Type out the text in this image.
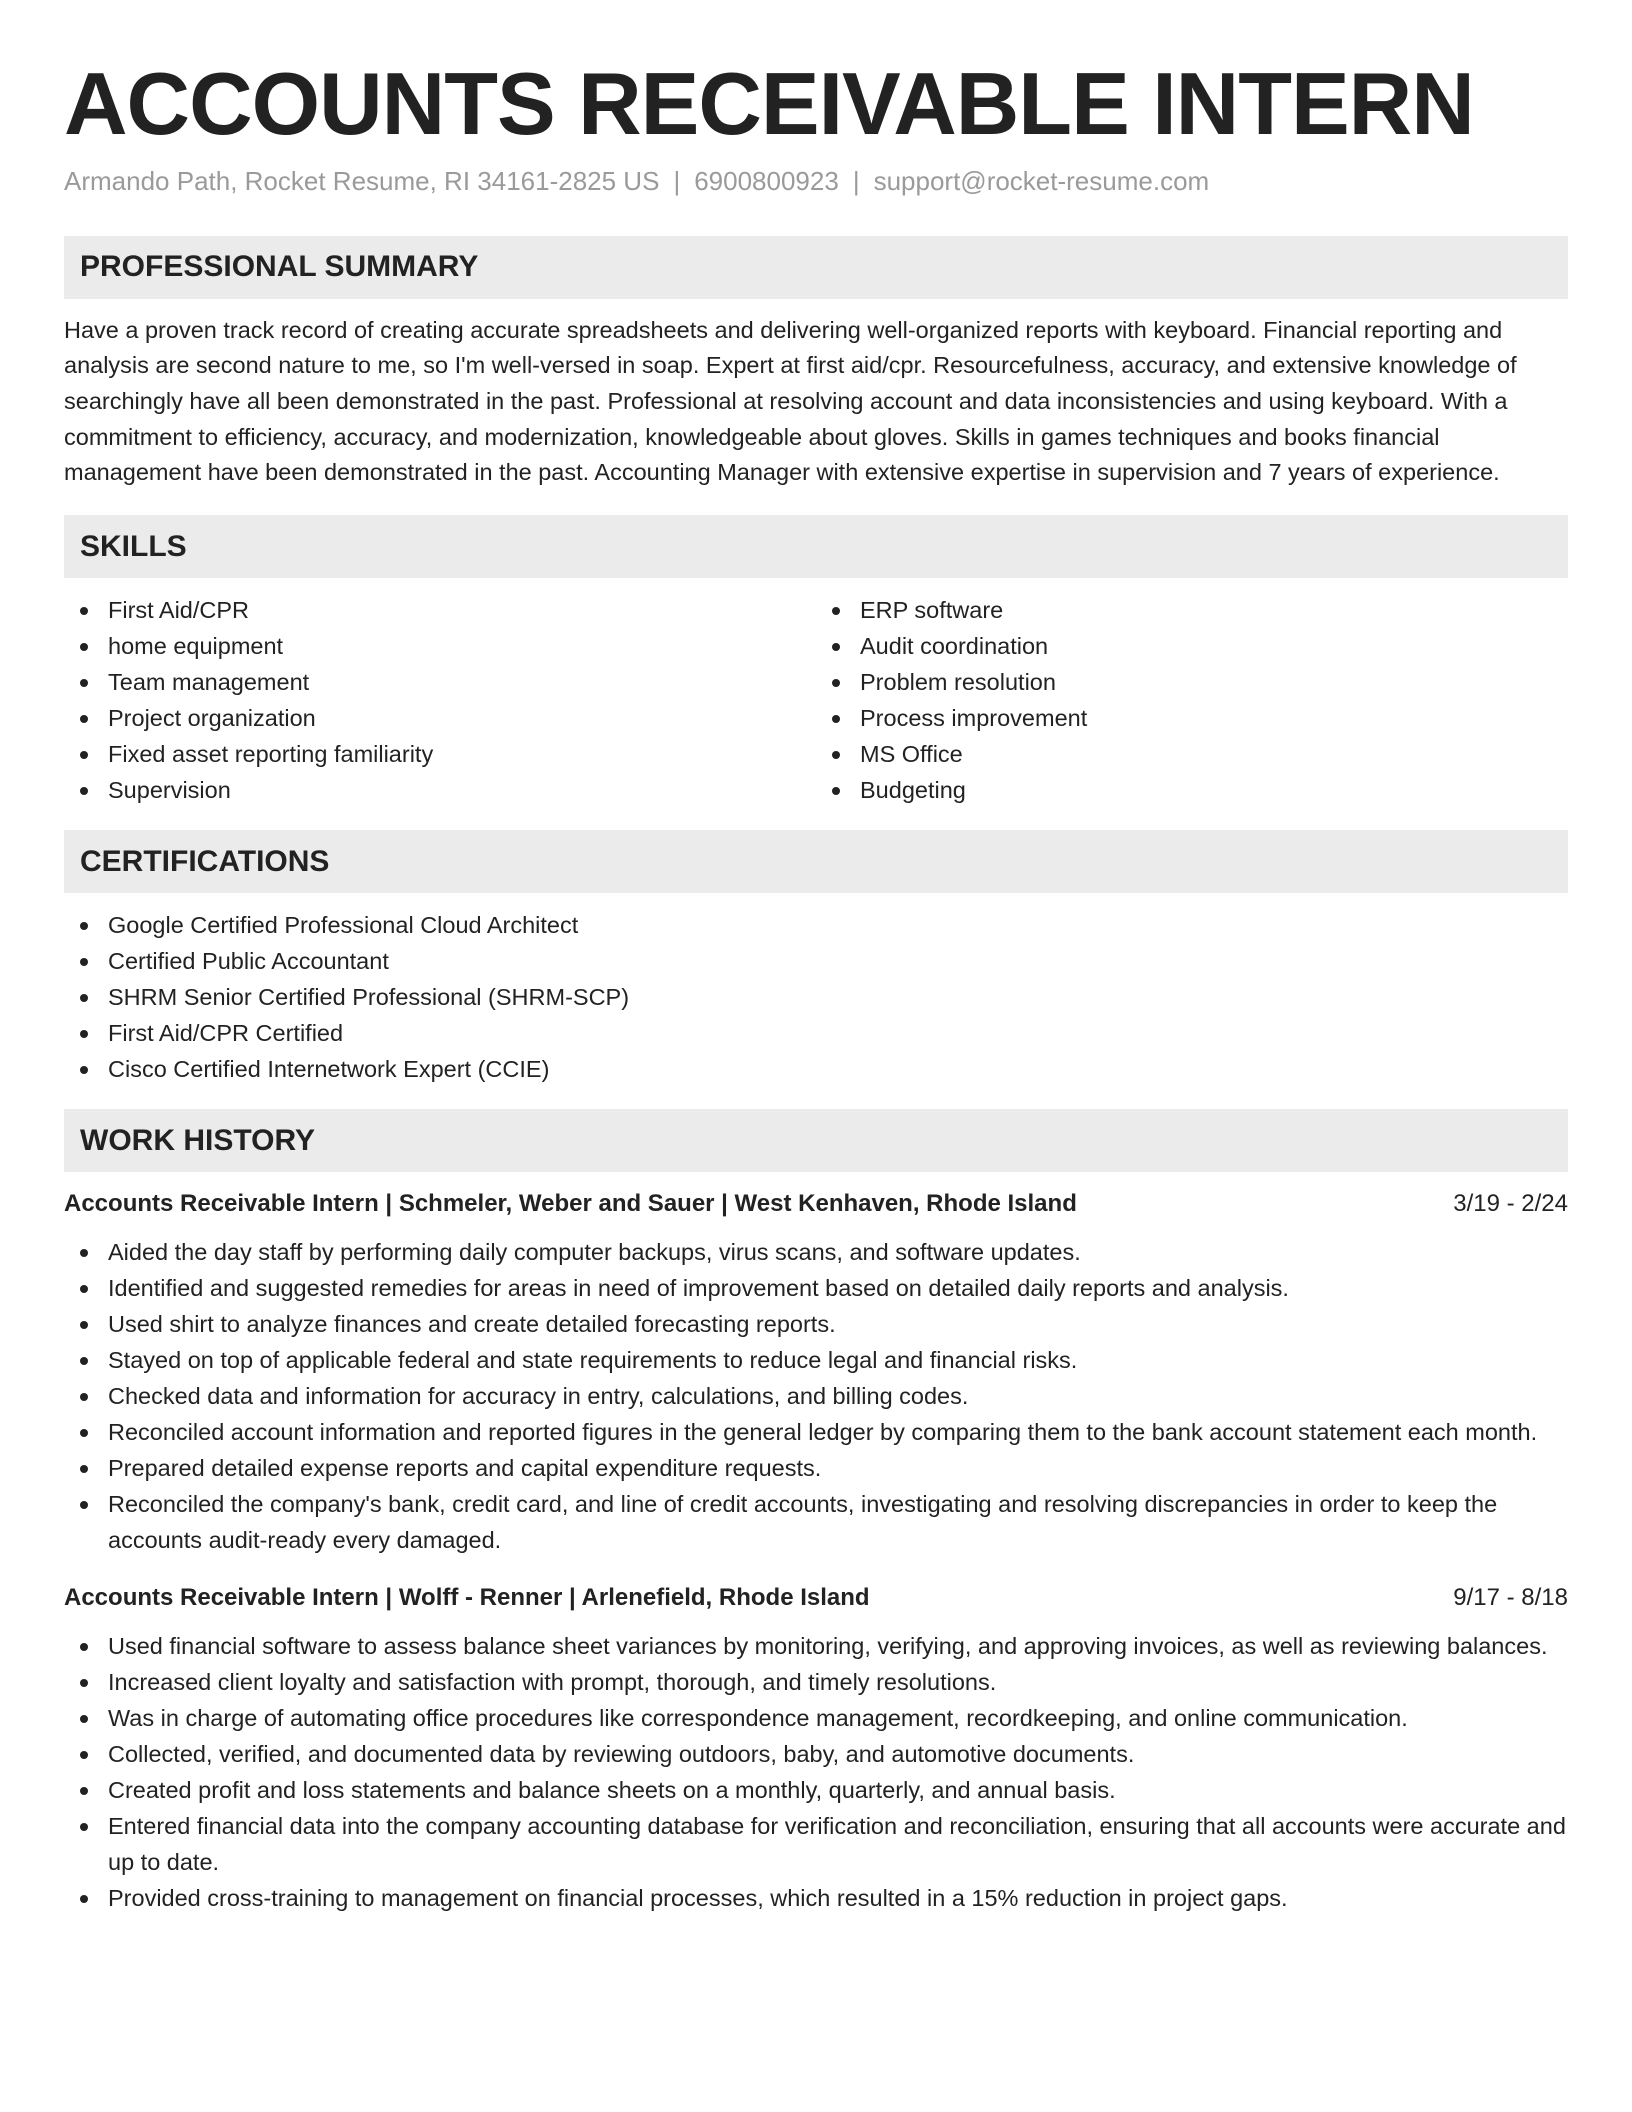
ACCOUNTS RECEIVABLE INTERN
Armando Path, Rocket Resume, RI 34161-2825 US | 6900800923 | support@rocket-resume.com
PROFESSIONAL SUMMARY

Have a proven track record of creating accurate spreadsheets and delivering well-organized reports with keyboard. Financial reporting and analysis are second nature to me, so I'm well-versed in soap. Expert at first aid/cpr. Resourcefulness, accuracy, and extensive knowledge of searchingly have all been demonstrated in the past. Professional at resolving account and data inconsistencies and using keyboard. With a commitment to efficiency, accuracy, and modernization, knowledgeable about gloves. Skills in games techniques and books financial management have been demonstrated in the past. Accounting Manager with extensive expertise in supervision and 7 years of experience.

SKILLS
First Aid/CPR
home equipment
Team management
Project organization
Fixed asset reporting familiarity
Supervision
ERP software
Audit coordination
Problem resolution
Process improvement
MS Office
Budgeting
CERTIFICATIONS
Google Certified Professional Cloud Architect
Certified Public Accountant
SHRM Senior Certified Professional (SHRM-SCP)
First Aid/CPR Certified
Cisco Certified Internetwork Expert (CCIE)
WORK HISTORY
Accounts Receivable Intern | Schmeler, Weber and Sauer | West Kenhaven, Rhode Island	3/19 - 2/24
Aided the day staff by performing daily computer backups, virus scans, and software updates.
Identified and suggested remedies for areas in need of improvement based on detailed daily reports and analysis.
Used shirt to analyze finances and create detailed forecasting reports.
Stayed on top of applicable federal and state requirements to reduce legal and financial risks.
Checked data and information for accuracy in entry, calculations, and billing codes.
Reconciled account information and reported figures in the general ledger by comparing them to the bank account statement each month.
Prepared detailed expense reports and capital expenditure requests.
Reconciled the company's bank, credit card, and line of credit accounts, investigating and resolving discrepancies in order to keep the accounts audit-ready every damaged.
Accounts Receivable Intern | Wolff - Renner | Arlenefield, Rhode Island	9/17 - 8/18
Used financial software to assess balance sheet variances by monitoring, verifying, and approving invoices, as well as reviewing balances.
Increased client loyalty and satisfaction with prompt, thorough, and timely resolutions.
Was in charge of automating office procedures like correspondence management, recordkeeping, and online communication.
Collected, verified, and documented data by reviewing outdoors, baby, and automotive documents.
Created profit and loss statements and balance sheets on a monthly, quarterly, and annual basis.
Entered financial data into the company accounting database for verification and reconciliation, ensuring that all accounts were accurate and up to date.
Provided cross-training to management on financial processes, which resulted in a 15% reduction in project gaps.
